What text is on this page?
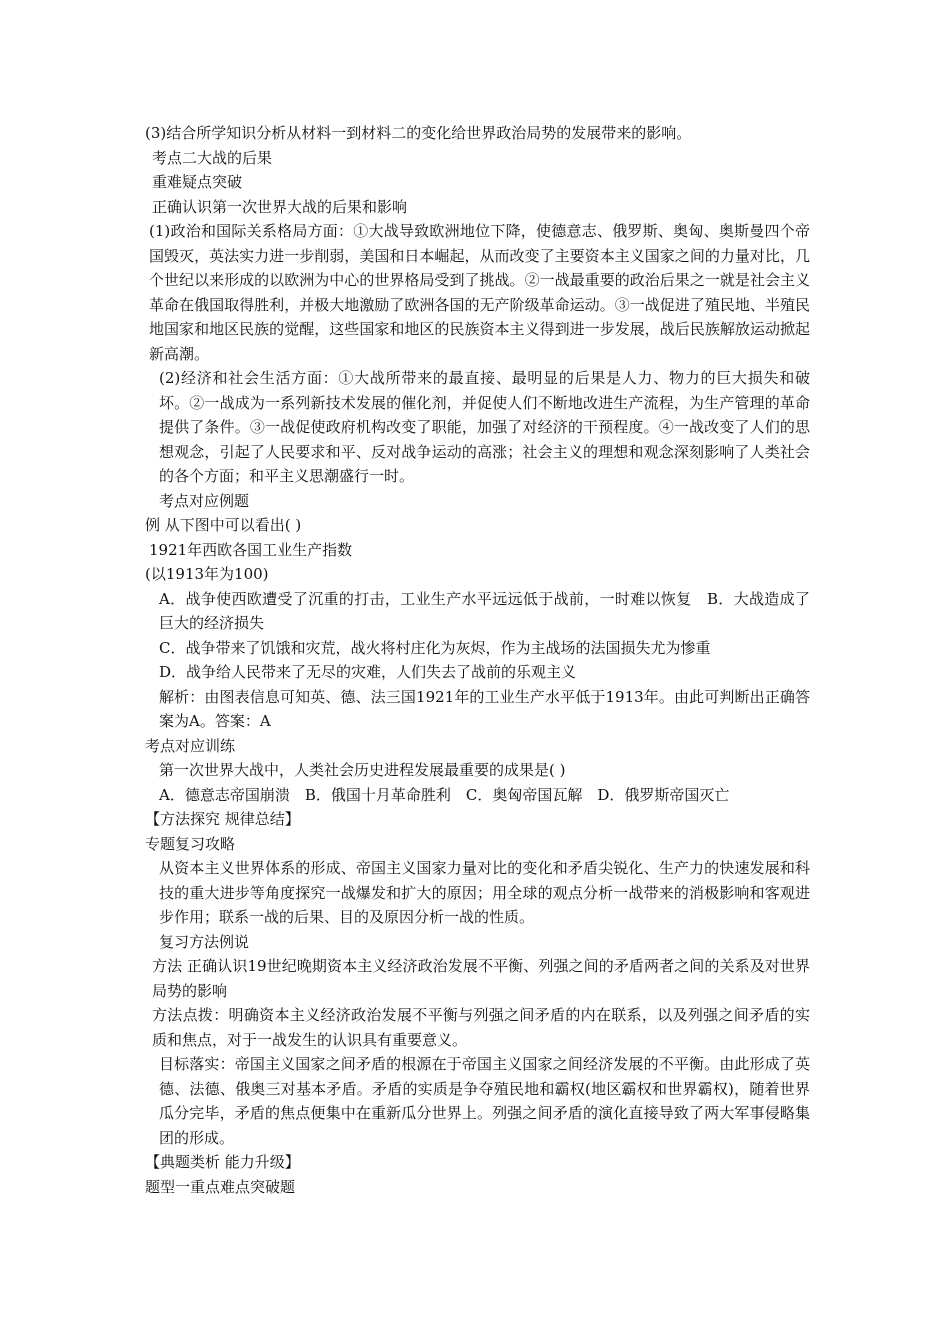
(3)结合所学知识分析从材料一到材料二的变化给世界政治局势的发展带来的影响。
考点二大战的后果
重难疑点突破
正确认识第一次世界大战的后果和影响
(1)政治和国际关系格局方面：①大战导致欧洲地位下降，使德意志、俄罗斯、奥匈、奥斯曼四个帝国毁灭，英法实力进一步削弱，美国和日本崛起，从而改变了主要资本主义国家之间的力量对比，几个世纪以来形成的以欧洲为中心的世界格局受到了挑战。②一战最重要的政治后果之一就是社会主义革命在俄国取得胜利，并极大地激励了欧洲各国的无产阶级革命运动。③一战促进了殖民地、半殖民地国家和地区民族的觉醒，这些国家和地区的民族资本主义得到进一步发展，战后民族解放运动掀起新高潮。
(2)经济和社会生活方面：①大战所带来的最直接、最明显的后果是人力、物力的巨大损失和破坏。②一战成为一系列新技术发展的催化剂，并促使人们不断地改进生产流程，为生产管理的革命提供了条件。③一战促使政府机构改变了职能，加强了对经济的干预程度。④一战改变了人们的思想观念，引起了人民要求和平、反对战争运动的高涨；社会主义的理想和观念深刻影响了人类社会的各个方面；和平主义思潮盛行一时。
考点对应例题
例 从下图中可以看出( )
1921年西欧各国工业生产指数
(以1913年为100)
A．战争使西欧遭受了沉重的打击，工业生产水平远远低于战前，一时难以恢复　B．大战造成了巨大的经济损失
C．战争带来了饥饿和灾荒，战火将村庄化为灰烬，作为主战场的法国损失尤为惨重
D．战争给人民带来了无尽的灾难，人们失去了战前的乐观主义
解析：由图表信息可知英、德、法三国1921年的工业生产水平低于1913年。由此可判断出正确答案为A。答案：A
考点对应训练
第一次世界大战中，人类社会历史进程发展最重要的成果是( )
A．德意志帝国崩溃　B．俄国十月革命胜利　C．奥匈帝国瓦解　D．俄罗斯帝国灭亡
【方法探究 规律总结】
专题复习攻略
从资本主义世界体系的形成、帝国主义国家力量对比的变化和矛盾尖锐化、生产力的快速发展和科技的重大进步等角度探究一战爆发和扩大的原因；用全球的观点分析一战带来的消极影响和客观进步作用；联系一战的后果、目的及原因分析一战的性质。
复习方法例说
方法 正确认识19世纪晚期资本主义经济政治发展不平衡、列强之间的矛盾两者之间的关系及对世界局势的影响
方法点拨：明确资本主义经济政治发展不平衡与列强之间矛盾的内在联系，以及列强之间矛盾的实质和焦点，对于一战发生的认识具有重要意义。
目标落实：帝国主义国家之间矛盾的根源在于帝国主义国家之间经济发展的不平衡。由此形成了英德、法德、俄奥三对基本矛盾。矛盾的实质是争夺殖民地和霸权(地区霸权和世界霸权)，随着世界瓜分完毕，矛盾的焦点便集中在重新瓜分世界上。列强之间矛盾的演化直接导致了两大军事侵略集团的形成。
【典题类析 能力升级】
题型一重点难点突破题
